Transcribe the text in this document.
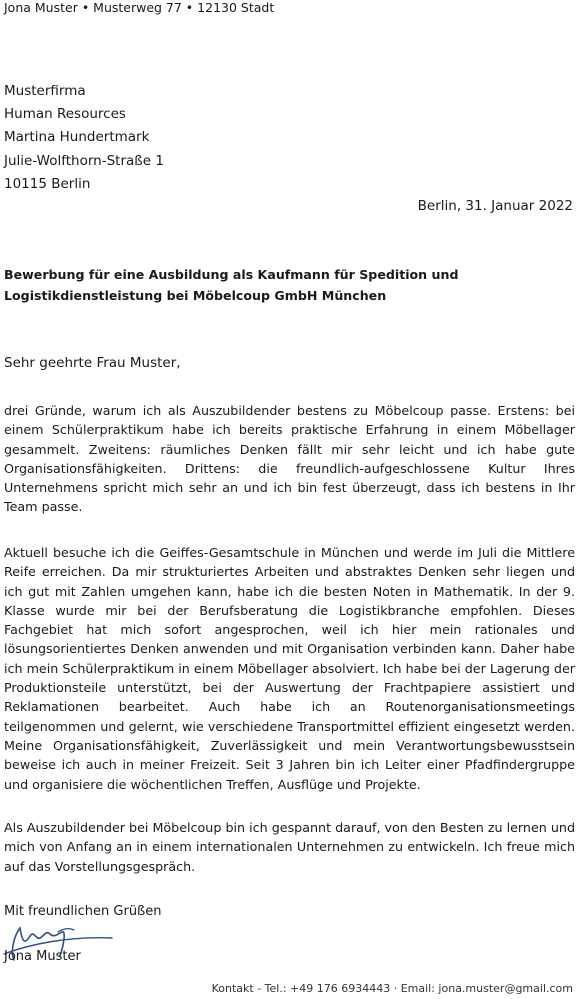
Jona Muster • Musterweg 77 • 12130 Stadt
Musterfirma
Human Resources
Martina Hundertmark
Julie-Wolfthorn-Straße 1
10115 Berlin
Berlin, 31. Januar 2022
Bewerbung für eine Ausbildung als Kaufmann für Spedition und Logistikdienstleistung bei Möbelcoup GmbH München
Sehr geehrte Frau Muster,
drei Gründe, warum ich als Auszubildender bestens zu Möbelcoup passe. Erstens: bei einem Schülerpraktikum habe ich bereits praktische Erfahrung in einem Möbellager gesammelt. Zweitens: räumliches Denken fällt mir sehr leicht und ich habe gute Organisationsfähigkeiten. Drittens: die freundlich-aufgeschlossene Kultur Ihres Unternehmens spricht mich sehr an und ich bin fest überzeugt, dass ich bestens in Ihr Team passe.
Aktuell besuche ich die Geiffes-Gesamtschule in München und werde im Juli die Mittlere Reife erreichen. Da mir strukturiertes Arbeiten und abstraktes Denken sehr liegen und ich gut mit Zahlen umgehen kann, habe ich die besten Noten in Mathematik. In der 9. Klasse wurde mir bei der Berufsberatung die Logistikbranche empfohlen. Dieses Fachgebiet hat mich sofort angesprochen, weil ich hier mein rationales und lösungsorientiertes Denken anwenden und mit Organisation verbinden kann. Daher habe ich mein Schülerpraktikum in einem Möbellager absolviert. Ich habe bei der Lagerung der Produktionsteile unterstützt, bei der Auswertung der Frachtpapiere assistiert und Reklamationen bearbeitet. Auch habe ich an Routenorganisationsmeetings teilgenommen und gelernt, wie verschiedene Transportmittel effizient eingesetzt werden. Meine Organisationsfähigkeit, Zuverlässigkeit und mein Verantwortungsbewusstsein beweise ich auch in meiner Freizeit. Seit 3 Jahren bin ich Leiter einer Pfadfindergruppe und organisiere die wöchentlichen Treffen, Ausflüge und Projekte.
Als Auszubildender bei Möbelcoup bin ich gespannt darauf, von den Besten zu lernen und mich von Anfang an in einem internationalen Unternehmen zu entwickeln. Ich freue mich auf das Vorstellungsgespräch.
Mit freundlichen Grüßen
Jona Muster
Kontakt - Tel.: +49 176 6934443 · Email: jona.muster@gmail.com
